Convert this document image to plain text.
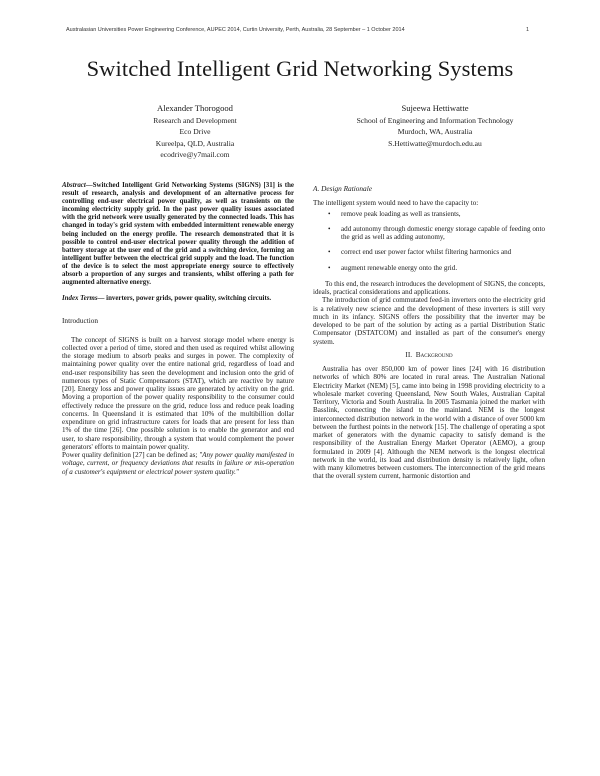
Australasian Universities Power Engineering Conference, AUPEC 2014, Curtin University, Perth, Australia, 28 September – 1 October 2014	1
Switched Intelligent Grid Networking Systems
Alexander Thorogood
Research and Development
Eco Drive
Kureelpa, QLD, Australia
ecodrive@y7mail.com
Sujeewa Hettiwatte
School of Engineering and Information Technology
Murdoch, WA, Australia
S.Hettiwatte@murdoch.edu.au

Abstract—Switched Intelligent Grid Networking Systems (SIGNS) [31] is the result of research, analysis and development of an alternative process for controlling end-user electrical power quality, as well as transients on the incoming electricity supply grid. In the past power quality issues associated with the grid network were usually generated by the connected loads. This has changed in today's grid system with embedded intermittent renewable energy being included on the energy profile. The research demonstrated that it is possible to control end-user electrical power quality through the addition of battery storage at the user end of the grid and a switching device, forming an intelligent buffer between the electrical grid supply and the load. The function of the device is to select the most appropriate energy source to effectively absorb a proportion of any surges and transients, whilst offering a path for augmented alternative energy.

Index Terms— inverters, power grids, power quality, switching circuits.

Introduction

The concept of SIGNS is built on a harvest storage model where energy is collected over a period of time, stored and then used as required whilst allowing the storage medium to absorb peaks and surges in power. The complexity of maintaining power quality over the entire national grid, regardless of load and end-user responsibility has seen the development and inclusion onto the grid of numerous types of Static Compensators (STAT), which are reactive by nature [20]. Energy loss and power quality issues are generated by activity on the grid. Moving a proportion of the power quality responsibility to the consumer could effectively reduce the pressure on the grid, reduce loss and reduce peak loading concerns. In Queensland it is estimated that 10% of the multibillion dollar expenditure on grid infrastructure caters for loads that are present for less than 1% of the time [26]. One possible solution is to enable the generator and end user, to share responsibility, through a system that would complement the power generators' efforts to maintain power quality.

Power quality definition [27] can be defined as; "Any power quality manifested in voltage, current, or frequency deviations that results in failure or mis-operation of a customer's equipment or electrical power system quality."

A. Design Rationale

The intelligent system would need to have the capacity to:

• remove peak loading as well as transients,
• add autonomy through domestic energy storage capable of feeding onto the grid as well as adding autonomy,
• correct end user power factor whilst filtering harmonics and
• augment renewable energy onto the grid.

To this end, the research introduces the development of SIGNS, the concepts, ideals, practical considerations and applications.

The introduction of grid commutated feed-in inverters onto the electricity grid is a relatively new science and the development of these inverters is still very much in its infancy. SIGNS offers the possibility that the inverter may be developed to be part of the solution by acting as a partial Distribution Static Compensator (DSTATCOM) and installed as part of the consumer's energy system.

II. Background

Australia has over 850,000 km of power lines [24] with 16 distribution networks of which 80% are located in rural areas. The Australian National Electricity Market (NEM) [5], came into being in 1998 providing electricity to a wholesale market covering Queensland, New South Wales, Australian Capital Territory, Victoria and South Australia. In 2005 Tasmania joined the market with Basslink, connecting the island to the mainland. NEM is the longest interconnected distribution network in the world with a distance of over 5000 km between the furthest points in the network [15]. The challenge of operating a spot market of generators with the dynamic capacity to satisfy demand is the responsibility of the Australian Energy Market Operator (AEMO), a group formulated in 2009 [4]. Although the NEM network is the longest electrical network in the world, its load and distribution density is relatively light, often with many kilometres between customers. The interconnection of the grid means that the overall system current, harmonic distortion and
